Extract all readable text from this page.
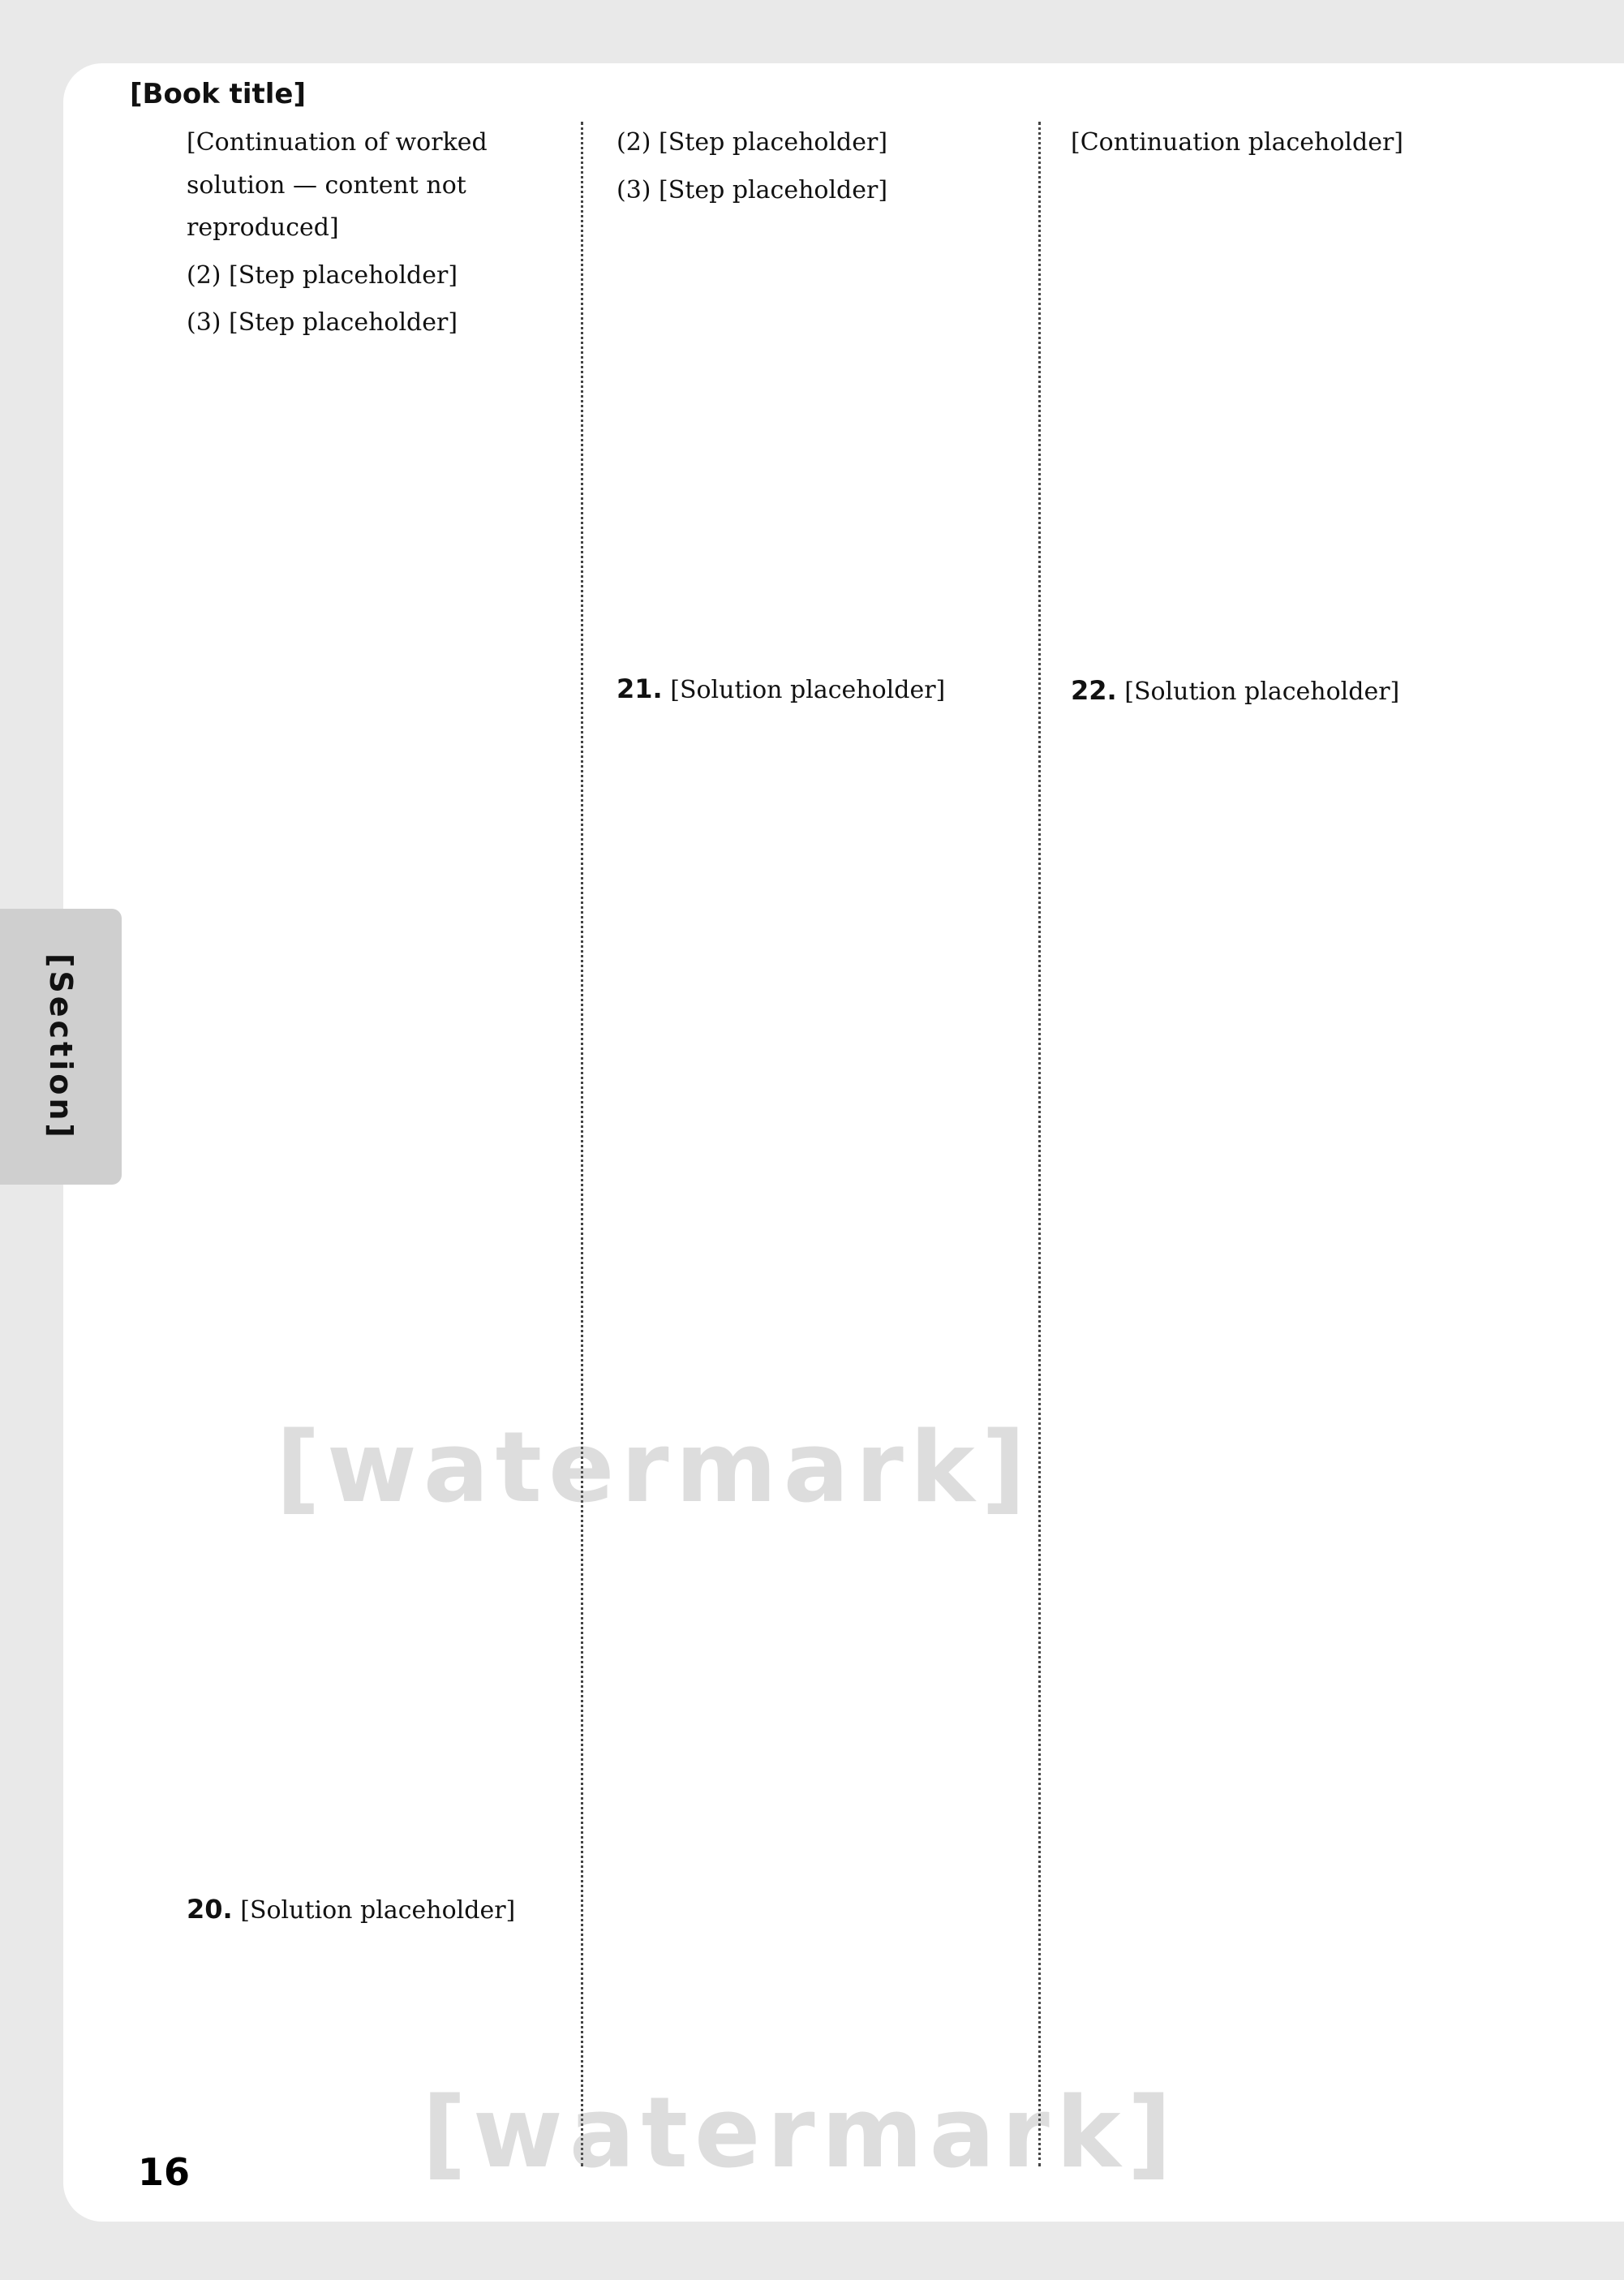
[Book title]

[Continuation of worked solution — content not reproduced]

(2) [Step placeholder]

(3) [Step placeholder]

20. [Solution placeholder]

(2) [Step placeholder]

(3) [Step placeholder]

21. [Solution placeholder]

[Continuation placeholder]

22. [Solution placeholder]

[Section]
[watermark]
[watermark]
16
